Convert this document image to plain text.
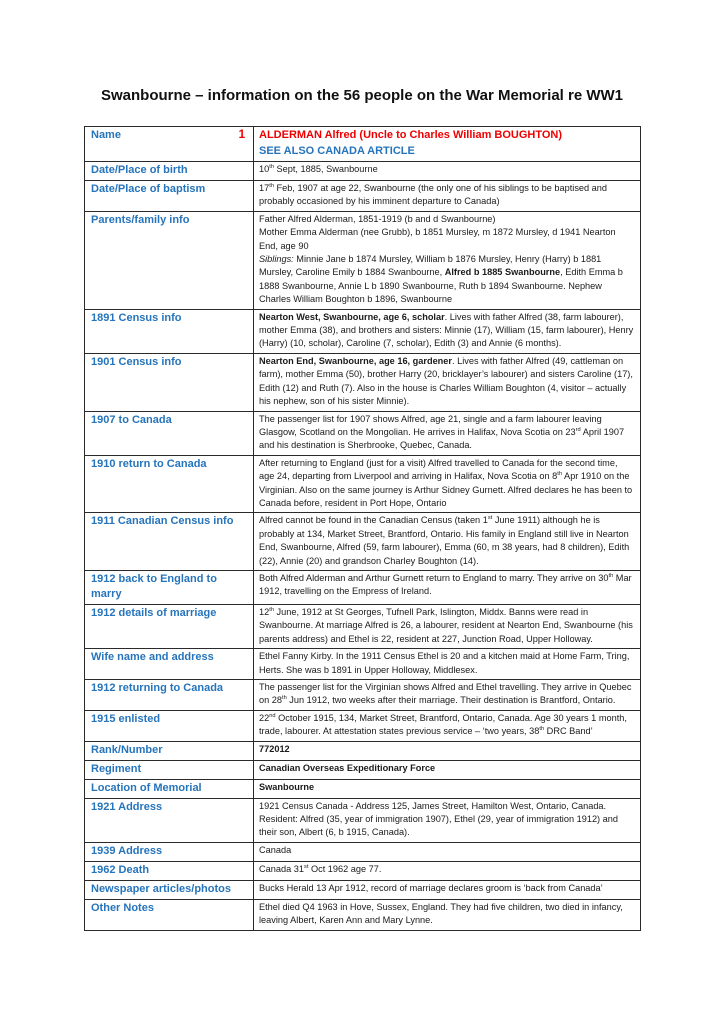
Swanbourne – information on the 56 people on the War Memorial re WW1
Name	1	ALDERMAN Alfred (Uncle to Charles William BOUGHTON)

SEE ALSO CANADA ARTICLE

Date/Place of birth	10th Sept, 1885, Swanbourne

Date/Place of baptism	17th Feb, 1907 at age 22, Swanbourne (the only one of his siblings to be baptised and probably occasioned by his imminent departure to Canada)

Parents/family info	Father Alfred Alderman, 1851-1919 (b and d Swanbourne)

Mother Emma Alderman (nee Grubb), b 1851 Mursley, m 1872 Mursley, d 1941 Nearton End, age 90

Siblings: Minnie Jane b 1874 Mursley, William b 1876 Mursley, Henry (Harry) b 1881 Mursley, Caroline Emily b 1884 Swanbourne, Alfred b 1885 Swanbourne, Edith Emma b 1888 Swanbourne, Annie L b 1890 Swanbourne, Ruth b 1894 Swanbourne. Nephew Charles William Boughton b 1896, Swanbourne

1891 Census info	Nearton West, Swanbourne, age 6, scholar. Lives with father Alfred (38, farm labourer), mother Emma (38), and brothers and sisters: Minnie (17), William (15, farm labourer), Henry (Harry) (10, scholar), Caroline (7, scholar), Edith (3) and Annie (6 months).

1901 Census info	Nearton End, Swanbourne, age 16, gardener. Lives with father Alfred (49, cattleman on farm), mother Emma (50), brother Harry (20, bricklayer’s labourer) and sisters Caroline (17), Edith (12) and Ruth (7). Also in the house is Charles William Boughton (4, visitor – actually his nephew, son of his sister Minnie).

1907 to Canada	The passenger list for 1907 shows Alfred, age 21, single and a farm labourer leaving Glasgow, Scotland on the Mongolian. He arrives in Halifax, Nova Scotia on 23rd April 1907 and his destination is Sherbrooke, Quebec, Canada.

1910 return to Canada	After returning to England (just for a visit) Alfred travelled to Canada for the second time, age 24, departing from Liverpool and arriving in Halifax, Nova Scotia on 8th Apr 1910 on the Virginian. Also on the same journey is Arthur Sidney Gurnett. Alfred declares he has been to Canada before, resident in Port Hope, Ontario

1911 Canadian Census info	Alfred cannot be found in the Canadian Census (taken 1st June 1911) although he is probably at 134, Market Street, Brantford, Ontario. His family in England still live in Nearton End, Swanbourne, Alfred (59, farm labourer), Emma (60, m 38 years, had 8 children), Edith (22), Annie (20) and grandson Charley Boughton (14).

1912 back to England to marry	Both Alfred Alderman and Arthur Gurnett return to England to marry. They arrive on 30th Mar 1912, travelling on the Empress of Ireland.

1912 details of marriage	12th June, 1912 at St Georges, Tufnell Park, Islington, Middx. Banns were read in Swanbourne. At marriage Alfred is 26, a labourer, resident at Nearton End, Swanbourne (his parents address) and Ethel is 22, resident at 227, Junction Road, Upper Holloway.

Wife name and address	Ethel Fanny Kirby. In the 1911 Census Ethel is 20 and a kitchen maid at Home Farm, Tring, Herts. She was b 1891 in Upper Holloway, Middlesex.

1912 returning to Canada	The passenger list for the Virginian shows Alfred and Ethel travelling. They arrive in Quebec on 28th Jun 1912, two weeks after their marriage. Their destination is Brantford, Ontario.

1915 enlisted	22nd October 1915, 134, Market Street, Brantford, Ontario, Canada. Age 30 years 1 month, trade, labourer. At attestation states previous service – ‘two years, 38th DRC Band’

Rank/Number	772012

Regiment	Canadian Overseas Expeditionary Force

Location of Memorial	Swanbourne

1921 Address	1921 Census Canada - Address 125, James Street, Hamilton West, Ontario, Canada. Resident: Alfred (35, year of immigration 1907), Ethel (29, year of immigration 1912) and their son, Albert (6, b 1915, Canada).

1939 Address	Canada

1962 Death	Canada 31st Oct 1962 age 77.

Newspaper articles/photos	Bucks Herald 13 Apr 1912, record of marriage declares groom is ‘back from Canada’

Other Notes	Ethel died Q4 1963 in Hove, Sussex, England. They had five children, two died in infancy, leaving Albert, Karen Ann and Mary Lynne.
